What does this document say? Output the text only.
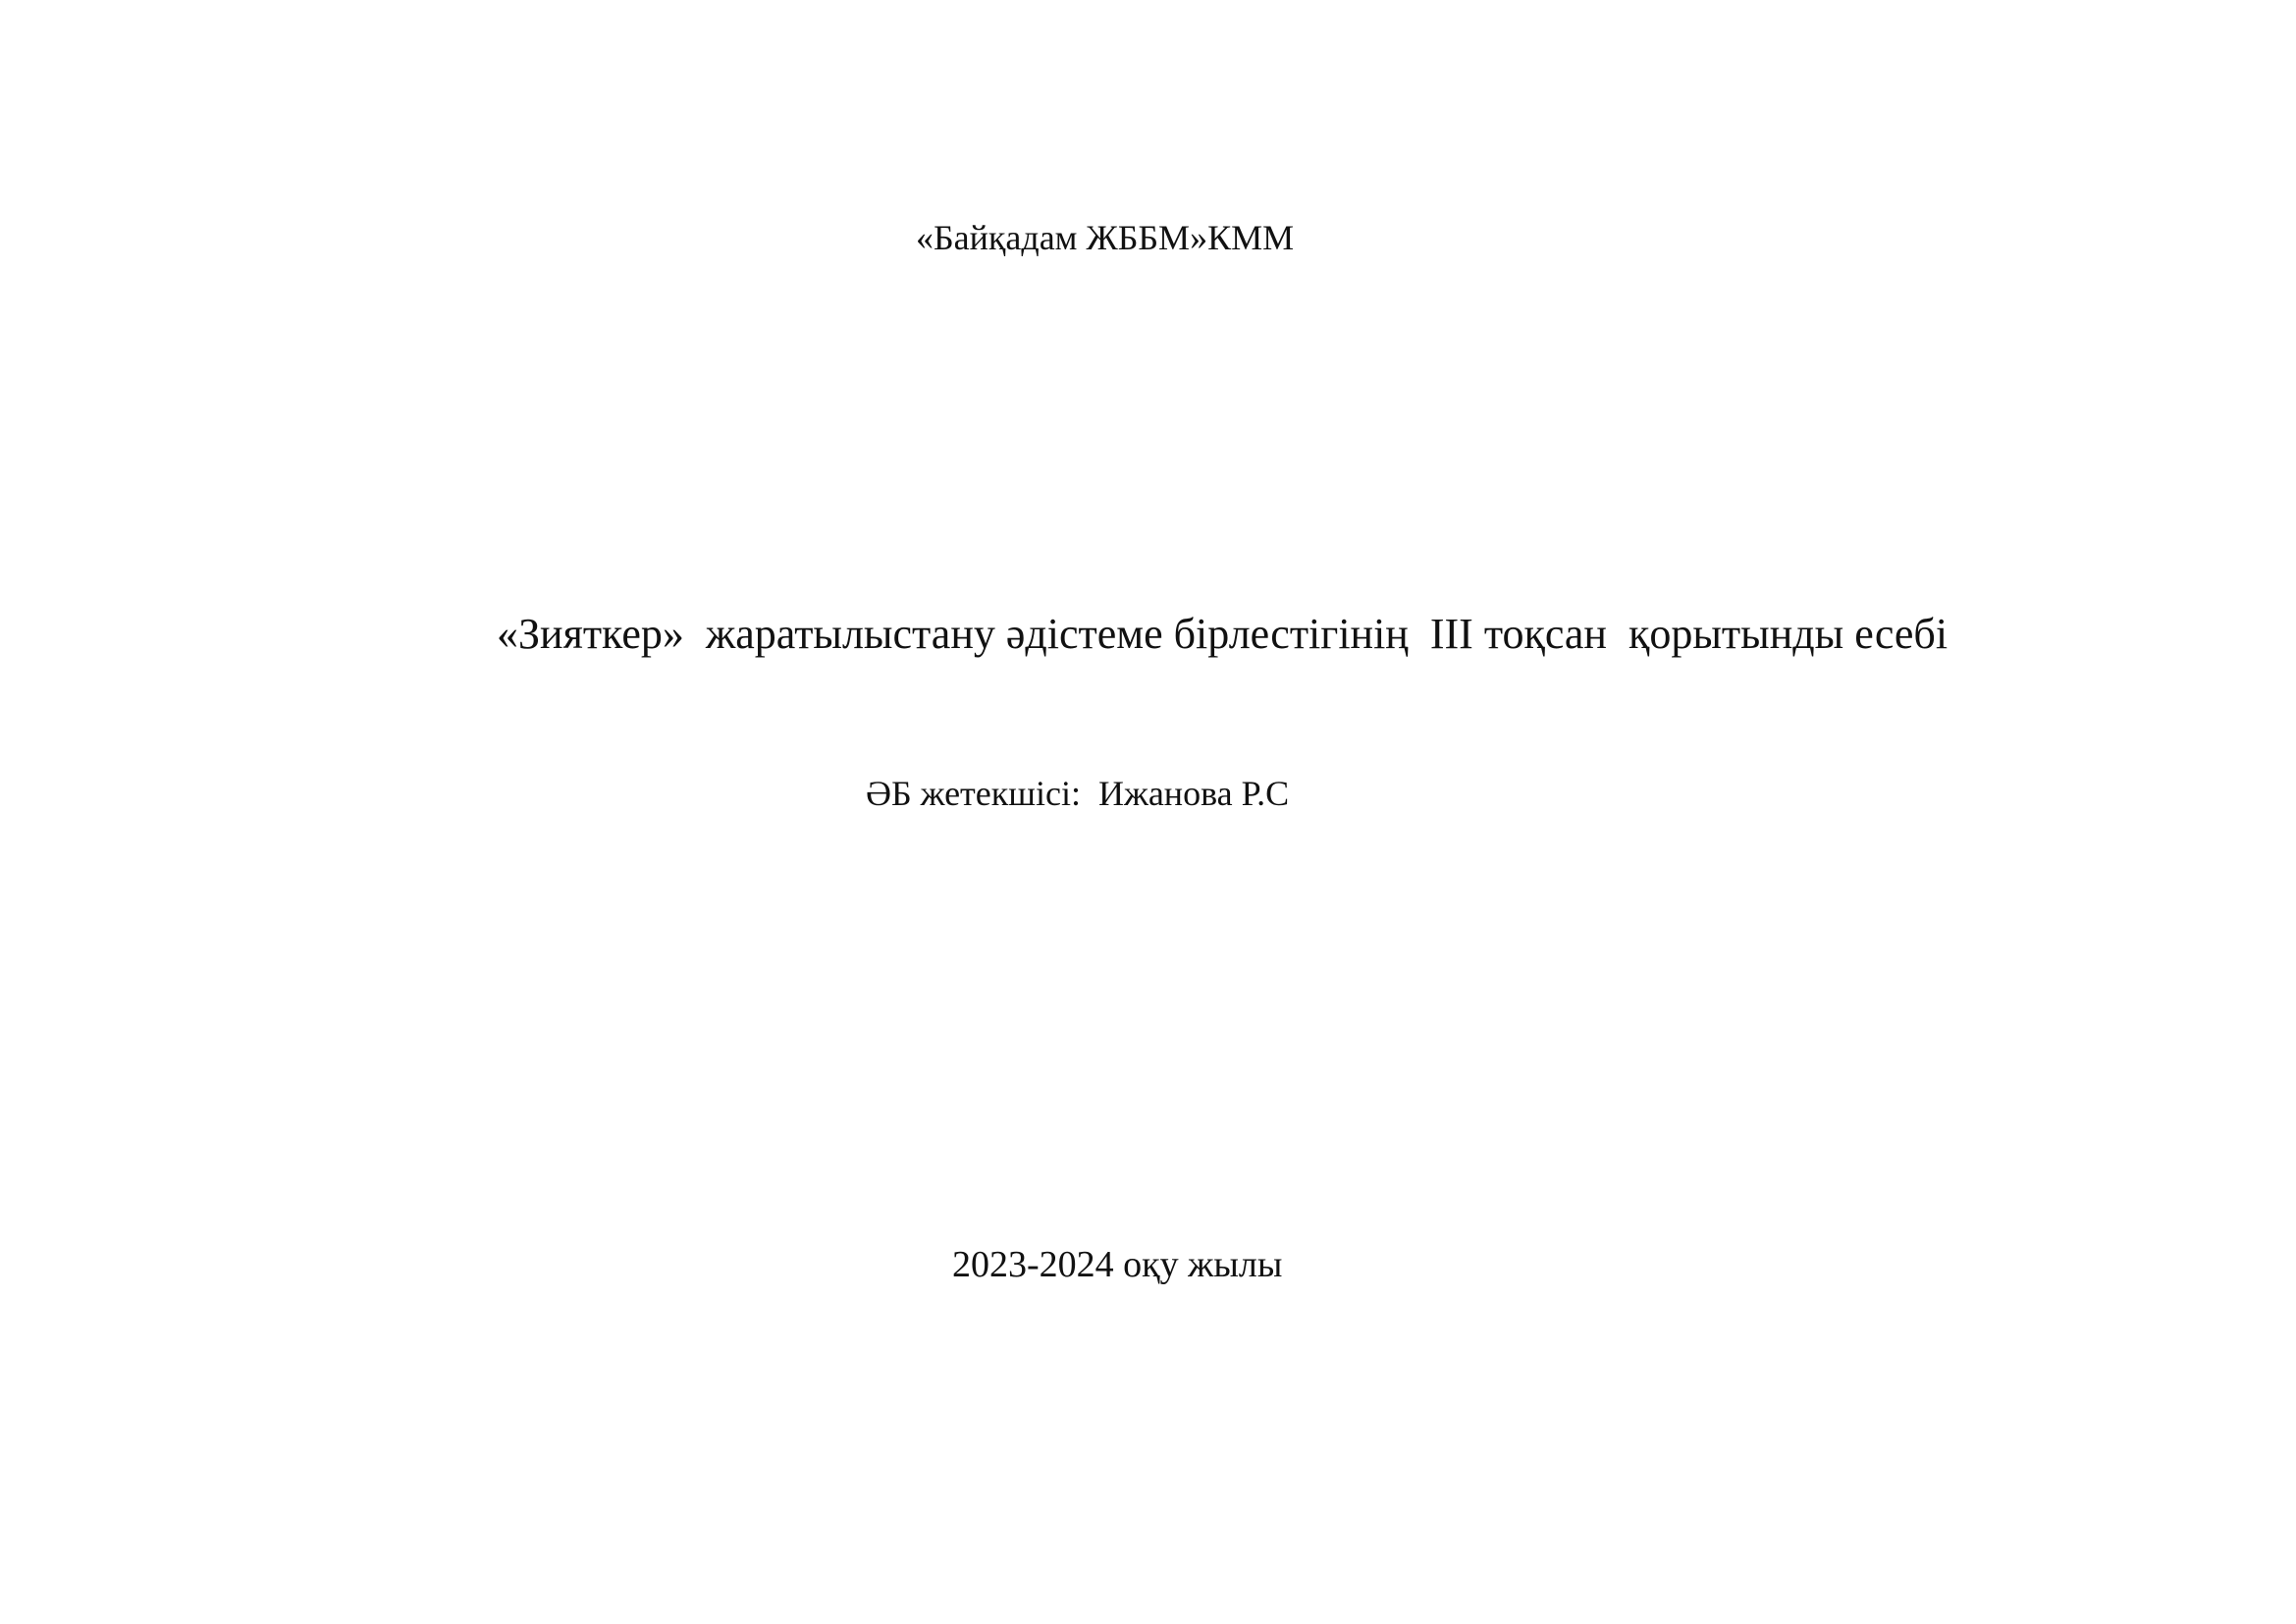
«Байқадам ЖББМ»КММ
«Зияткер»  жаратылыстану әдістеме бірлестігінің  ІІІ тоқсан  қорытынды есебі
ӘБ жетекшісі:  Ижанова Р.С
2023-2024 оқу жылы
